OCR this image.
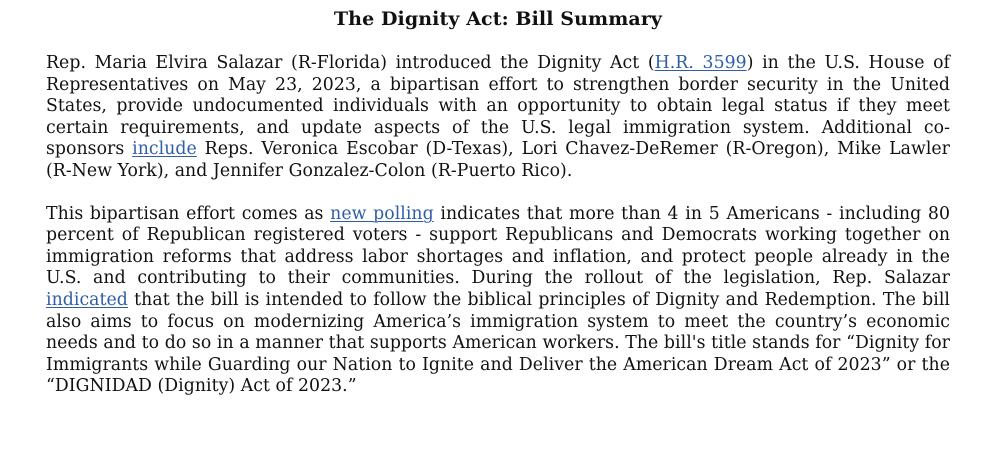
The Dignity Act: Bill Summary

Rep. Maria Elvira Salazar (R-Florida) introduced the Dignity Act (H.R. 3599) in the U.S. House of Representatives on May 23, 2023, a bipartisan effort to strengthen border security in the United States, provide undocumented individuals with an opportunity to obtain legal status if they meet certain requirements, and update aspects of the U.S. legal immigration system. Additional co-sponsors include Reps. Veronica Escobar (D-Texas), Lori Chavez-DeRemer (R-Oregon), Mike Lawler (R-New York), and Jennifer Gonzalez-Colon (R-Puerto Rico).

This bipartisan effort comes as new polling indicates that more than 4 in 5 Americans - including 80 percent of Republican registered voters - support Republicans and Democrats working together on immigration reforms that address labor shortages and inflation, and protect people already in the U.S. and contributing to their communities. During the rollout of the legislation, Rep. Salazar indicated that the bill is intended to follow the biblical principles of Dignity and Redemption. The bill also aims to focus on modernizing America’s immigration system to meet the country’s economic needs and to do so in a manner that supports American workers. The bill's title stands for “Dignity for Immigrants while Guarding our Nation to Ignite and Deliver the American Dream Act of 2023” or the “DIGNIDAD (Dignity) Act of 2023.”
